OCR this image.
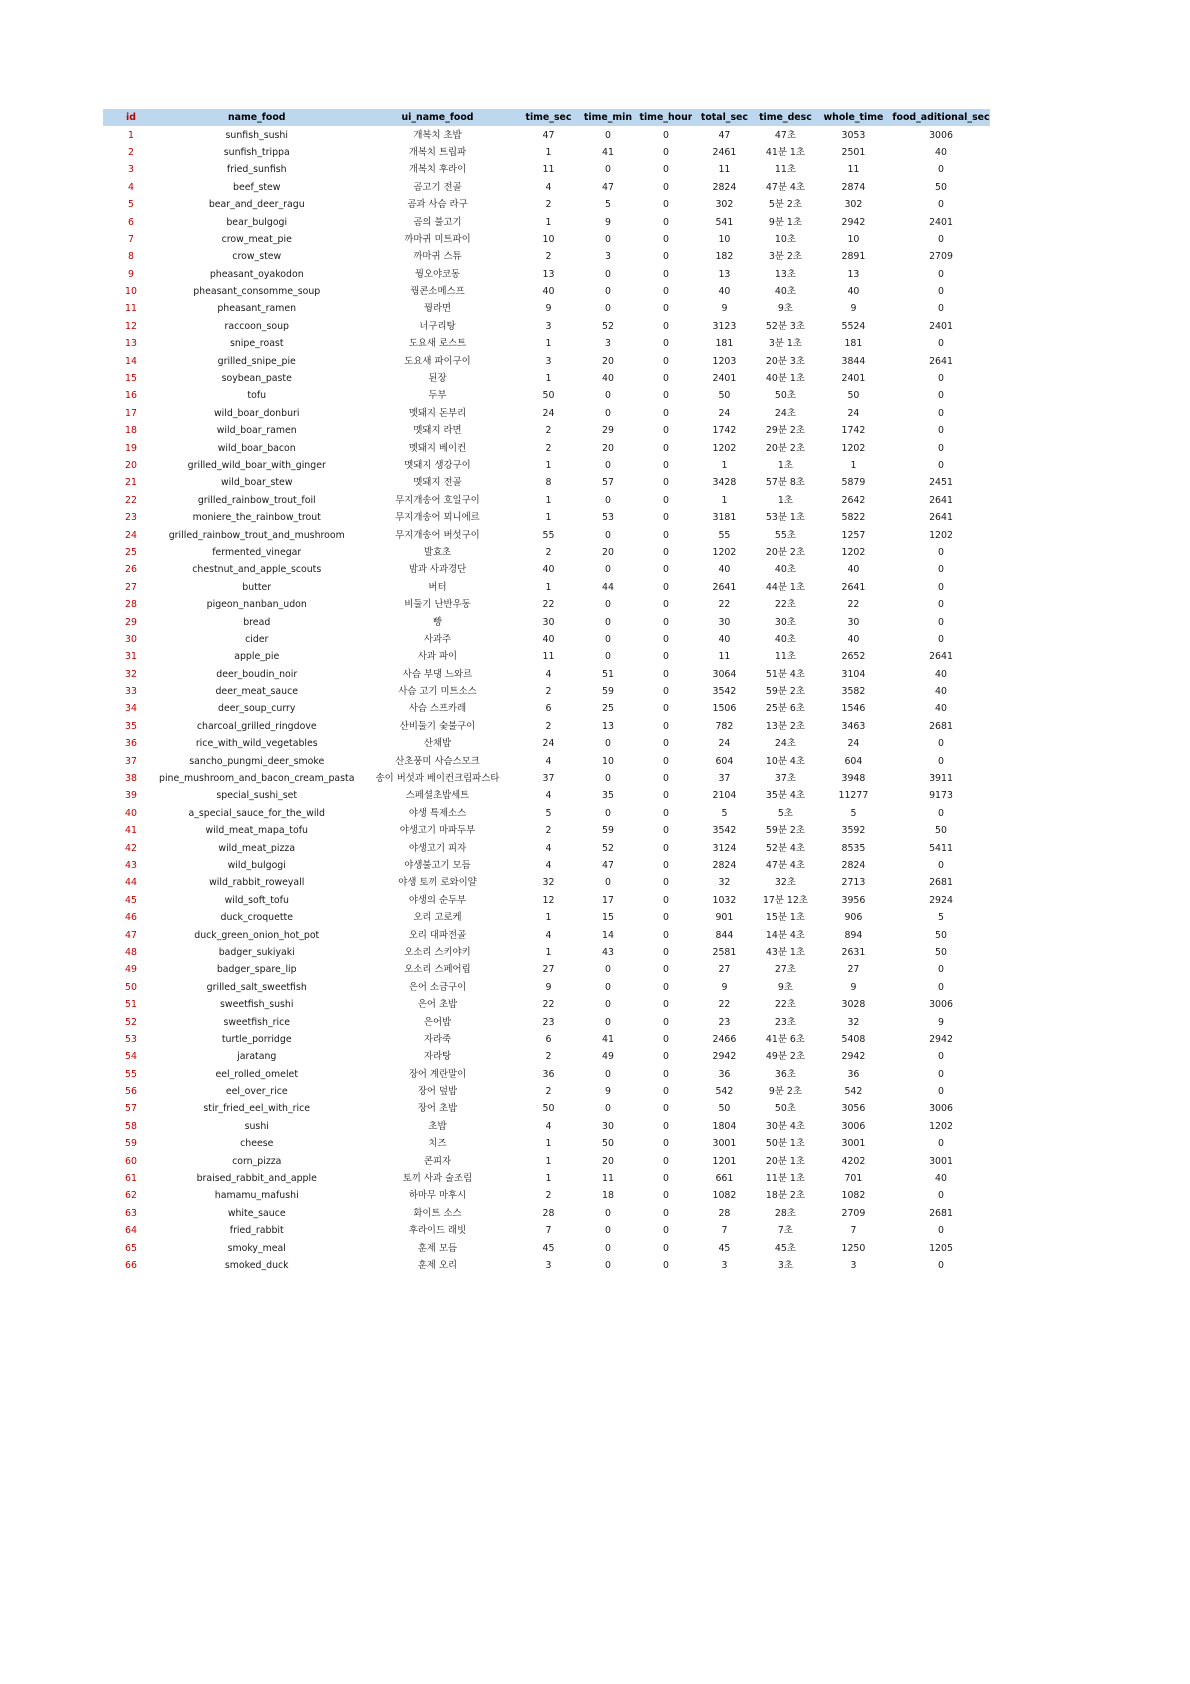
id	name_food	ui_name_food	time_sec	time_min	time_hour	total_sec	time_desc	whole_time	food_aditional_sec
1	sunfish_sushi	개복치 초밥	47	0	0	47	47초	3053	3006
2	sunfish_trippa	개복치 트립파	1	41	0	2461	41분 1초	2501	40
3	fried_sunfish	개복치 후라이	11	0	0	11	11초	11	0
4	beef_stew	곰고기 전골	4	47	0	2824	47분 4초	2874	50
5	bear_and_deer_ragu	곰과 사슴 라구	2	5	0	302	5분 2초	302	0
6	bear_bulgogi	곰의 불고기	1	9	0	541	9분 1초	2942	2401
7	crow_meat_pie	까마귀 미트파이	10	0	0	10	10초	10	0
8	crow_stew	까마귀 스튜	2	3	0	182	3분 2초	2891	2709
9	pheasant_oyakodon	꿩오야코동	13	0	0	13	13초	13	0
10	pheasant_consomme_soup	꿩콘소메스프	40	0	0	40	40초	40	0
11	pheasant_ramen	꿩라면	9	0	0	9	9초	9	0
12	raccoon_soup	너구리탕	3	52	0	3123	52분 3초	5524	2401
13	snipe_roast	도요새 로스트	1	3	0	181	3분 1초	181	0
14	grilled_snipe_pie	도요새 파이구이	3	20	0	1203	20분 3초	3844	2641
15	soybean_paste	된장	1	40	0	2401	40분 1초	2401	0
16	tofu	두부	50	0	0	50	50초	50	0
17	wild_boar_donburi	멧돼지 돈부리	24	0	0	24	24초	24	0
18	wild_boar_ramen	멧돼지 라면	2	29	0	1742	29분 2초	1742	0
19	wild_boar_bacon	멧돼지 베이컨	2	20	0	1202	20분 2초	1202	0
20	grilled_wild_boar_with_ginger	멧돼지 생강구이	1	0	0	1	1초	1	0
21	wild_boar_stew	멧돼지 전골	8	57	0	3428	57분 8초	5879	2451
22	grilled_rainbow_trout_foil	무지개송어 호일구이	1	0	0	1	1초	2642	2641
23	moniere_the_rainbow_trout	무지개송어 뫼니에르	1	53	0	3181	53분 1초	5822	2641
24	grilled_rainbow_trout_and_mushroom	무지개송어 버섯구이	55	0	0	55	55초	1257	1202
25	fermented_vinegar	발효초	2	20	0	1202	20분 2초	1202	0
26	chestnut_and_apple_scouts	밤과 사과경단	40	0	0	40	40초	40	0
27	butter	버터	1	44	0	2641	44분 1초	2641	0
28	pigeon_nanban_udon	비둘기 난반우동	22	0	0	22	22초	22	0
29	bread	빵	30	0	0	30	30초	30	0
30	cider	사과주	40	0	0	40	40초	40	0
31	apple_pie	사과 파이	11	0	0	11	11초	2652	2641
32	deer_boudin_noir	사슴 부댕 느와르	4	51	0	3064	51분 4초	3104	40
33	deer_meat_sauce	사슴 고기 미트소스	2	59	0	3542	59분 2초	3582	40
34	deer_soup_curry	사슴 스프카레	6	25	0	1506	25분 6초	1546	40
35	charcoal_grilled_ringdove	산비둘기 숯불구이	2	13	0	782	13분 2초	3463	2681
36	rice_with_wild_vegetables	산채밥	24	0	0	24	24초	24	0
37	sancho_pungmi_deer_smoke	산초풍미 사슴스모크	4	10	0	604	10분 4초	604	0
38	pine_mushroom_and_bacon_cream_pasta	송이 버섯과 베이컨크림파스타	37	0	0	37	37초	3948	3911
39	special_sushi_set	스페셜초밥세트	4	35	0	2104	35분 4초	11277	9173
40	a_special_sauce_for_the_wild	야생 특제소스	5	0	0	5	5초	5	0
41	wild_meat_mapa_tofu	야생고기 마파두부	2	59	0	3542	59분 2초	3592	50
42	wild_meat_pizza	야생고기 피자	4	52	0	3124	52분 4초	8535	5411
43	wild_bulgogi	야생불고기 모듬	4	47	0	2824	47분 4초	2824	0
44	wild_rabbit_roweyall	야생 토끼 로와이얄	32	0	0	32	32초	2713	2681
45	wild_soft_tofu	야생의 순두부	12	17	0	1032	17분 12초	3956	2924
46	duck_croquette	오리 고로케	1	15	0	901	15분 1초	906	5
47	duck_green_onion_hot_pot	오리 대파전골	4	14	0	844	14분 4초	894	50
48	badger_sukiyaki	오소리 스키야키	1	43	0	2581	43분 1초	2631	50
49	badger_spare_lip	오소리 스페어립	27	0	0	27	27초	27	0
50	grilled_salt_sweetfish	은어 소금구이	9	0	0	9	9초	9	0
51	sweetfish_sushi	은어 초밥	22	0	0	22	22초	3028	3006
52	sweetfish_rice	은어밥	23	0	0	23	23초	32	9
53	turtle_porridge	자라죽	6	41	0	2466	41분 6초	5408	2942
54	jaratang	자라탕	2	49	0	2942	49분 2초	2942	0
55	eel_rolled_omelet	장어 계란말이	36	0	0	36	36초	36	0
56	eel_over_rice	장어 덮밥	2	9	0	542	9분 2초	542	0
57	stir_fried_eel_with_rice	장어 초밥	50	0	0	50	50초	3056	3006
58	sushi	초밥	4	30	0	1804	30분 4초	3006	1202
59	cheese	치즈	1	50	0	3001	50분 1초	3001	0
60	corn_pizza	콘피자	1	20	0	1201	20분 1초	4202	3001
61	braised_rabbit_and_apple	토끼 사과 술조림	1	11	0	661	11분 1초	701	40
62	hamamu_mafushi	하마무 마후시	2	18	0	1082	18분 2초	1082	0
63	white_sauce	화이트 소스	28	0	0	28	28초	2709	2681
64	fried_rabbit	후라이드 래빗	7	0	0	7	7초	7	0
65	smoky_meal	훈제 모듬	45	0	0	45	45초	1250	1205
66	smoked_duck	훈제 오리	3	0	0	3	3초	3	0
